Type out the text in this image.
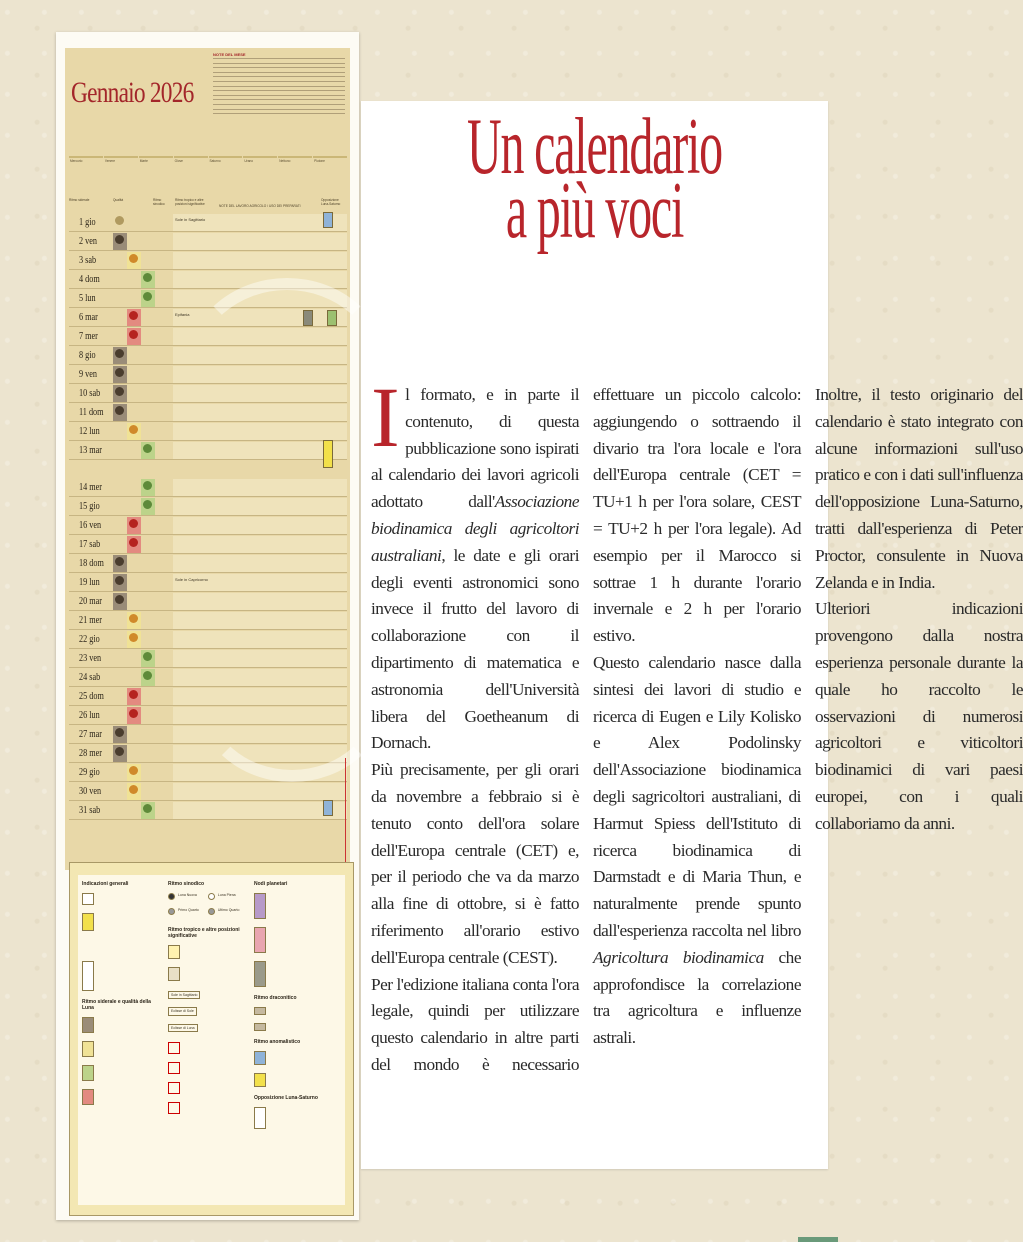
Gennaio 2026
NOTE DEL MESE
Mercurio	Venere	Marte	Giove	Saturno	Urano	Nettuno	Plutone
Ritmo siderale	Qualità	Ritmo sinodico
Ritmo tropico e altre posizioni significative	NOTE DEL LAVORO AGRICOLO / USO DEI PREPARATI
Opposizione Luna-Saturno
1 gio	Sole in Sagittario
2 ven
3 sab
4 dom
5 lun
6 mar	Epifania
7 mer
8 gio
9 ven
10 sab
11 dom
12 lun
13 mar
14 mer
15 gio
16 ven
17 sab
18 dom
19 lun	Sole in Capricorno
20 mar
21 mer
22 gio
23 ven
24 sab
25 dom
26 lun
27 mar
28 mer
29 gio
30 ven
31 sab
Indicazioni generali

Ritmo siderale e qualità della Luna

Ritmo sinodico
Luna Nuova	Luna Piena
Primo Quarto	Ultimo Quarto
Ritmo tropico e altre posizioni significative

Sole in Sagittario
Eclisse di Sole
Eclisse di Luna
Nodi planetari

Ritmo draconitico

Ritmo anomalistico

Opposizione Luna-Saturno

Un calendario
a più voci

Il formato, e in parte il contenuto, di questa pubblicazione sono ispirati al calendario dei lavori agricoli adottato dall'Associazione biodinamica degli agricoltori australiani, le date e gli orari degli eventi astronomici sono invece il frutto del lavoro di collaborazione con il dipartimento di matematica e astronomia dell'Università libera del Goetheanum di Dornach.

Più precisamente, per gli orari da novembre a febbraio si è tenuto conto dell'ora solare dell'Europa centrale (CET) e, per il periodo che va da marzo alla fine di ottobre, si è fatto riferimento all'orario estivo dell'Europa centrale (CEST).

Per l'edizione italiana conta l'ora legale, quindi per utilizzare questo calendario in altre parti del mondo è necessario effettuare un piccolo calcolo: aggiungendo o sottraendo il divario tra l'ora locale e l'ora dell'Europa centrale (CET = TU+1 h per l'ora solare, CEST = TU+2 h per l'ora legale). Ad esempio per il Marocco si sottrae 1 h durante l'orario invernale e 2 h per l'orario estivo.

Questo calendario nasce dalla sintesi dei lavori di studio e ricerca di Eugen e Lily Kolisko e Alex Podolinsky dell'Associazione biodinamica degli sagricoltori australiani, di Harmut Spiess dell'Istituto di ricerca biodinamica di Darmstadt e di Maria Thun, e naturalmente prende spunto dall'esperienza raccolta nel libro Agricoltura biodinamica che approfondisce la correlazione tra agricoltura e influenze astrali.

Inoltre, il testo originario del calendario è stato integrato con alcune informazioni sull'uso pratico e con i dati sull'influenza dell'opposizione Luna-Saturno, tratti dall'esperienza di Peter Proctor, consulente in Nuova Zelanda e in India.

Ulteriori indicazioni provengono dalla nostra esperienza personale durante la quale ho raccolto le osservazioni di numerosi agricoltori e viticoltori biodinamici di vari paesi europei, con i quali collaboriamo da anni.
